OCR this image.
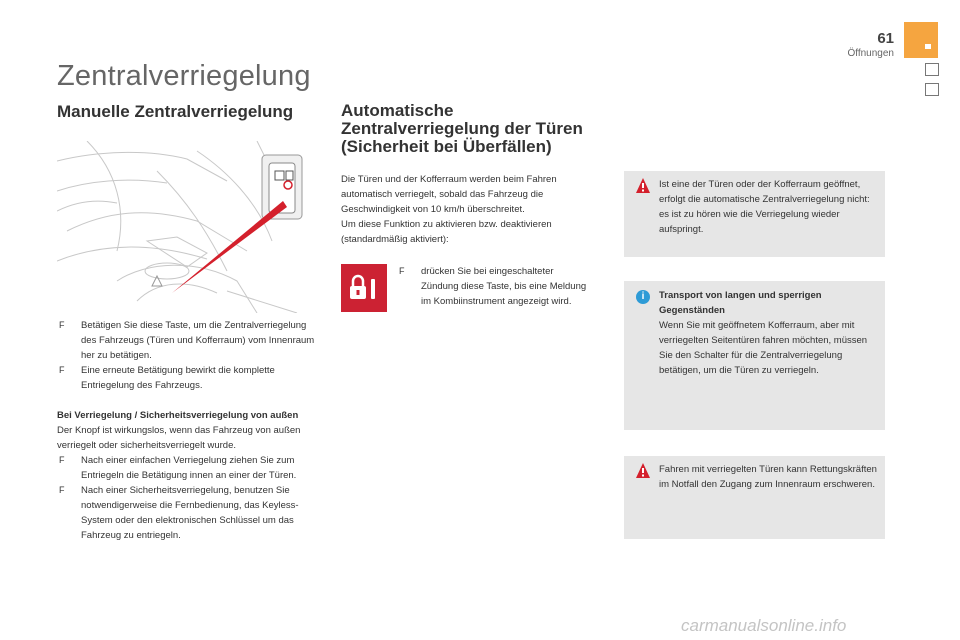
61
Öffnungen
Zentralverriegelung
Manuelle Zentralverriegelung
F Betätigen Sie diese Taste, um die Zentralverriegelung des Fahrzeugs (Türen und Kofferraum) vom Innenraum her zu betätigen.
F Eine erneute Betätigung bewirkt die komplette Entriegelung des Fahrzeugs.
Bei Verriegelung / Sicherheitsverriegelung von außen
Der Knopf ist wirkungslos, wenn das Fahrzeug von außen verriegelt oder sicherheitsverriegelt wurde.
F Nach einer einfachen Verriegelung ziehen Sie zum Entriegeln die Betätigung innen an einer der Türen.
F Nach einer Sicherheitsverriegelung, benutzen Sie notwendigerweise die Fernbedienung, das Keyless-System oder den elektronischen Schlüssel um das Fahrzeug zu entriegeln.
Automatische
Zentralverriegelung der Türen
(Sicherheit bei Überfällen)
Die Türen und der Kofferraum werden beim Fahren automatisch verriegelt, sobald das Fahrzeug die Geschwindigkeit von 10 km/h überschreitet.
Um diese Funktion zu aktivieren bzw. deaktivieren (standardmäßig aktiviert):
F drücken Sie bei eingeschalteter Zündung diese Taste, bis eine Meldung im Kombiinstrument angezeigt wird.
Ist eine der Türen oder der Kofferraum geöffnet, erfolgt die automatische Zentralverriegelung nicht: es ist zu hören wie die Verriegelung wieder aufspringt.
i	Transport von langen und sperrigen Gegenständen
Wenn Sie mit geöffnetem Kofferraum, aber mit verriegelten Seitentüren fahren möchten, müssen Sie den Schalter für die Zentralverriegelung betätigen, um die Türen zu verriegeln.
Fahren mit verriegelten Türen kann Rettungskräften im Notfall den Zugang zum Innenraum erschweren.
carmanualsonline.info
